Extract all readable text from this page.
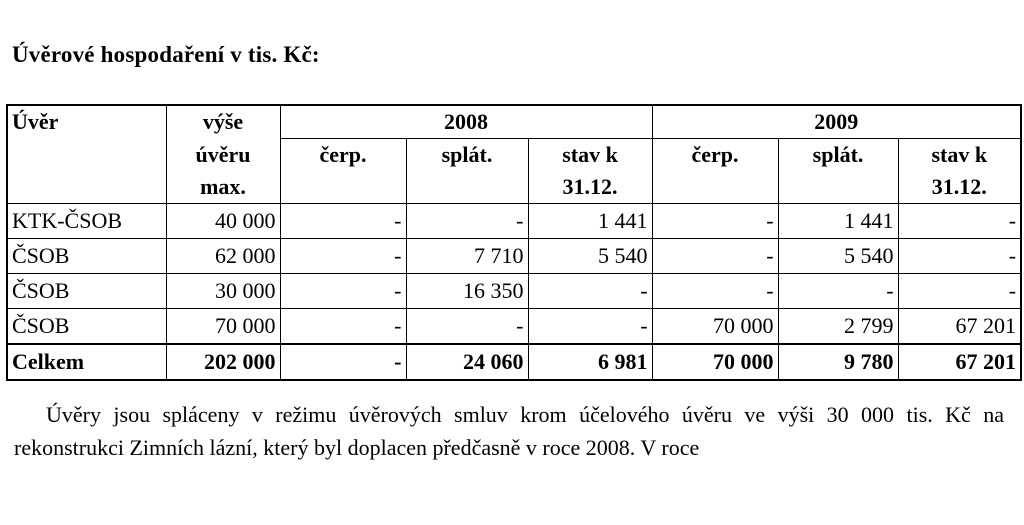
Úvěrové hospodaření v tis. Kč:
Úvěr	výše	2008			2009		
	úvěru	čerp.	splát.	stav k	čerp.	splát.	stav k
	max.			31.12.			31.12.
KTK-ČSOB	40 000	-	-	1 441	-	1 441	-
ČSOB	62 000	-	7 710	5 540	-	5 540	-
ČSOB	30 000	-	16 350	-	-	-	-
ČSOB	70 000	-	-	-	70 000	2 799	67 201
Celkem	202 000	-	24 060	6 981	70 000	9 780	67 201
Úvěry jsou spláceny v režimu úvěrových smluv krom účelového úvěru ve výši 30 000 tis. Kč na rekonstrukci Zimních lázní, který byl doplacen předčasně v roce 2008. V roce
